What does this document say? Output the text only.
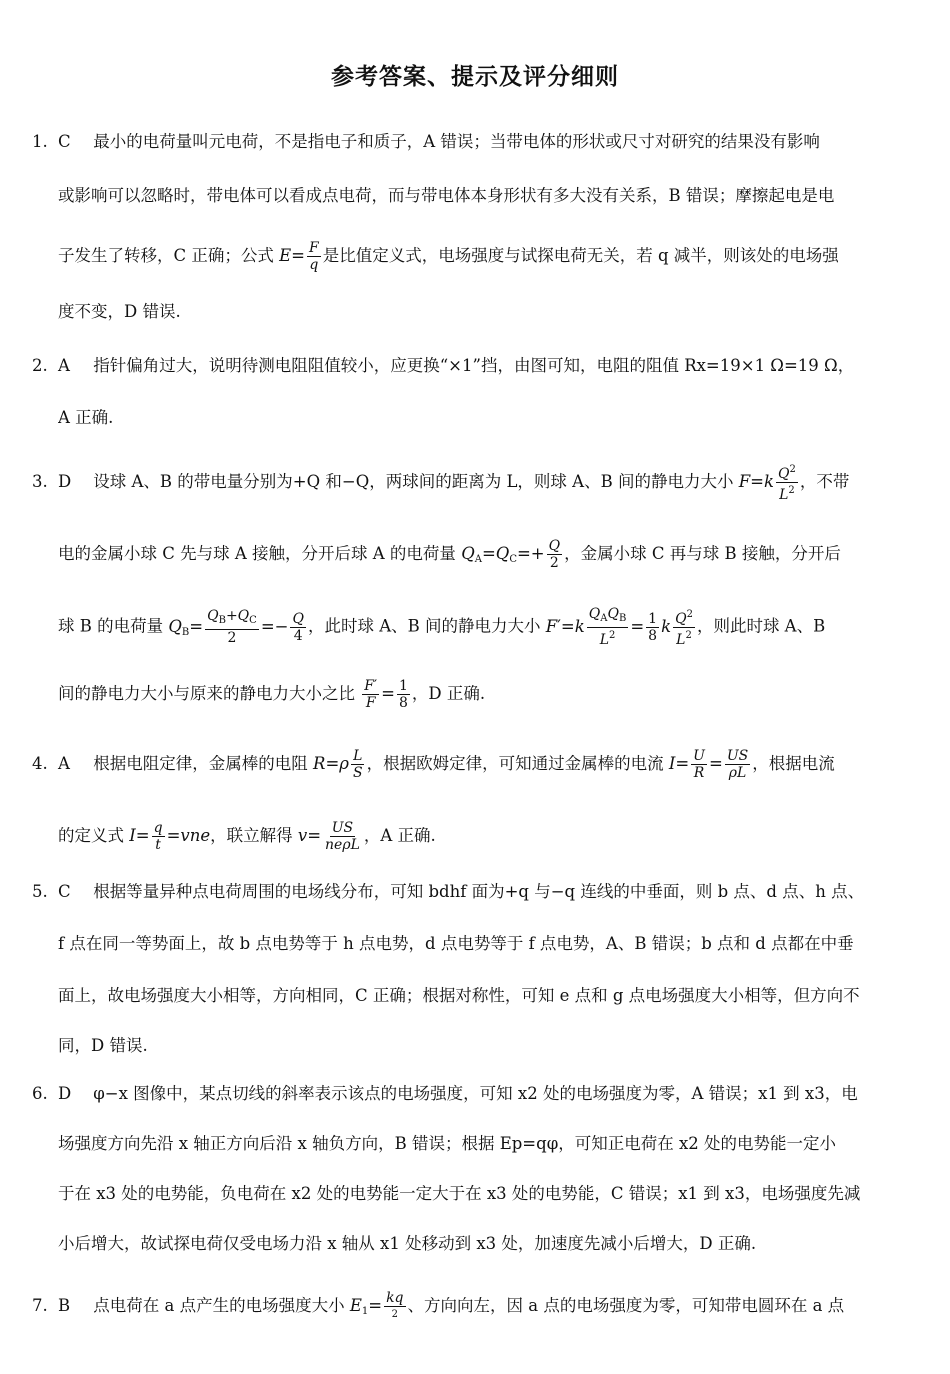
参考答案、提示及评分细则
1. C 最小的电荷量叫元电荷，不是指电子和质子，A 错误；当带电体的形状或尺寸对研究的结果没有影响
或影响可以忽略时，带电体可以看成点电荷，而与带电体本身形状有多大没有关系，B 错误；摩擦起电是电
子发生了转移，C 正确；公式 $E= \frac{F}{q}$ 是比值定义式，电场强度与试探电荷无关，若 q 减半，则该处的电场强
度不变，D 错误.
2. A 指针偏角过大，说明待测电阻阻值较小，应更换“×1”挡，由图可知，电阻的阻值 Rx=19×1 Ω=19 Ω，
A 正确.
3. D 设球 A、B 的带电量分别为+Q 和−Q，两球间的距离为 L，则球 A、B 间的静电力大小 $F=k \frac{Q^2}{L^2}$ ，不带
电的金属小球 C 先与球 A 接触，分开后球 A 的电荷量 $Q_A=Q_C=+ \frac{Q}{2}$ ，金属小球 C 再与球 B 接触，分开后
球 B 的电荷量 $Q_B= \frac{Q_B+Q_C}{2} =- \frac{Q}{4}$ ，此时球 A、B 间的静电力大小 $F'=k \frac{Q_AQ_B}{L^2} = \frac{1}{8}$ k $\frac{Q^2}{L^2}$ ，则此时球 A、B
间的静电力大小与原来的静电力大小之比 $\frac{F'}{F} = \frac{1}{8}$ ，D 正确.
4. A 根据电阻定律，金属棒的电阻 $R=\rho \frac{L}{S}$ ，根据欧姆定律，可知通过金属棒的电流 $I= \frac{U}{R} = \frac{US}{\rho L}$ ，根据电流
的定义式 $I= \frac{q}{t} =vne$，联立解得 $v= \frac{US}{\text{neρL}}$ ，A 正确.
5. C 根据等量异种点电荷周围的电场线分布，可知 bdhf 面为+q 与−q 连线的中垂面，则 b 点、d 点、h 点、
f 点在同一等势面上，故 b 点电势等于 h 点电势，d 点电势等于 f 点电势，A、B 错误；b 点和 d 点都在中垂
面上，故电场强度大小相等，方向相同，C 正确；根据对称性，可知 e 点和 g 点电场强度大小相等，但方向不
同，D 错误.
6. D φ−x 图像中，某点切线的斜率表示该点的电场强度，可知 x2 处的电场强度为零，A 错误；x1 到 x3，电
场强度方向先沿 x 轴正方向后沿 x 轴负方向，B 错误；根据 Ep=qφ，可知正电荷在 x2 处的电势能一定小
于在 x3 处的电势能，负电荷在 x2 处的电势能一定大于在 x3 处的电势能，C 错误；x1 到 x3，电场强度先减
小后增大，故试探电荷仅受电场力沿 x 轴从 x1 处移动到 x3 处，加速度先减小后增大，D 正确.
7. B 点电荷在 a 点产生的电场强度大小 $E_1= \frac{kq}{2}$ 、方向向左，因 a 点的电场强度为零，可知带电圆环在 a 点
